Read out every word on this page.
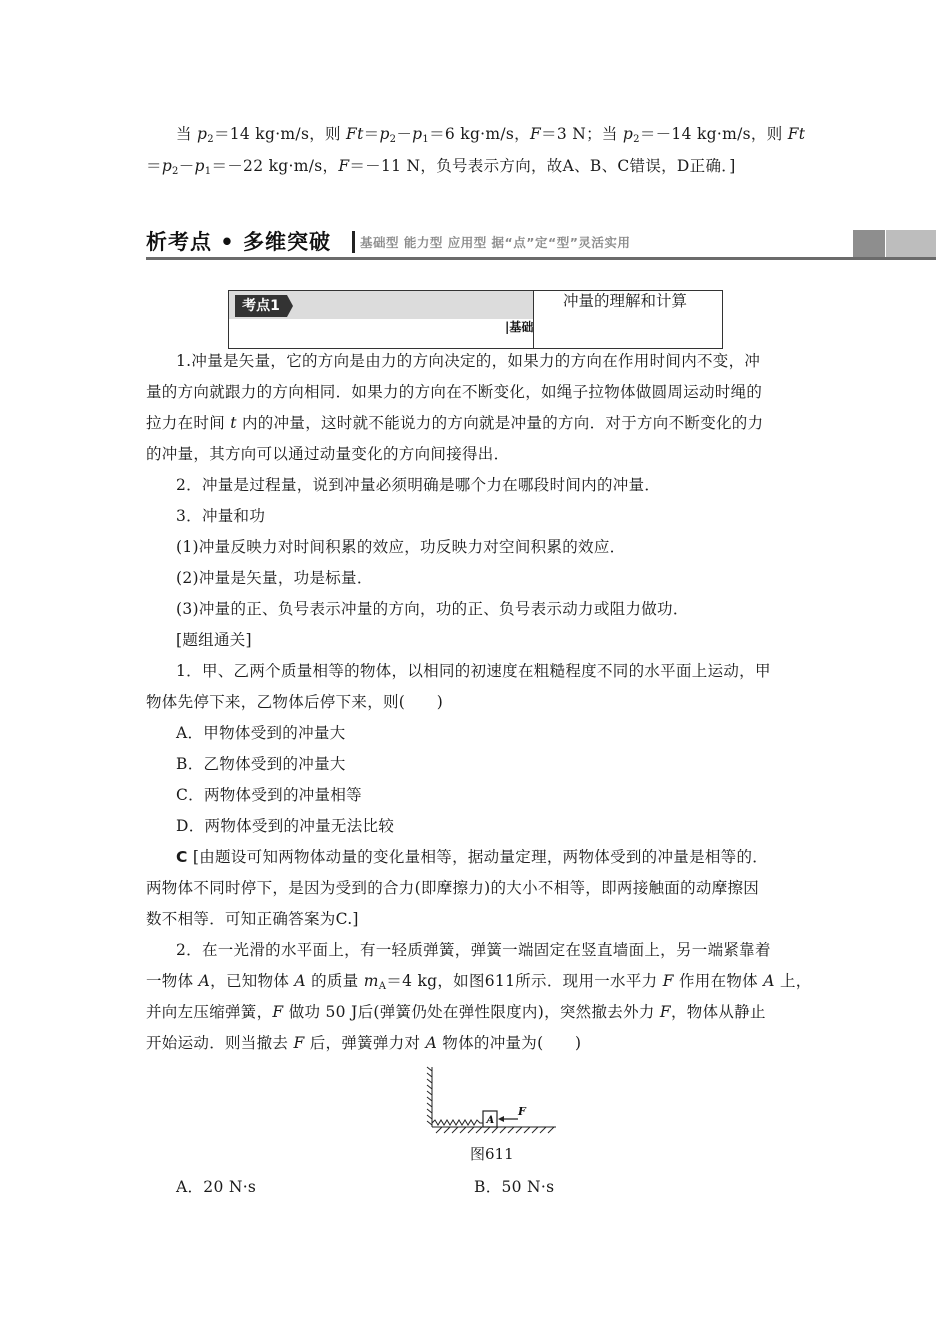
当 $p_2=14$ kg·m/s，则 $Ft=p_2-p_1=6$ kg·m/s，F＝3 N；当 $p_2=-14$ kg·m/s，则 Ft
$=p_2-p_1=-22$ kg·m/s，F＝－11 N，负号表示方向，故A、B、C错误，D正确．]
析考点 • 多维突破 基础型 能力型 应用型 据“点”定“型”灵活实用
考点1
|基础
冲量的理解和计算
1.冲量是矢量，它的方向是由力的方向决定的，如果力的方向在作用时间内不变，冲
量的方向就跟力的方向相同．如果力的方向在不断变化，如绳子拉物体做圆周运动时绳的
拉力在时间 t 内的冲量，这时就不能说力的方向就是冲量的方向．对于方向不断变化的力
的冲量，其方向可以通过动量变化的方向间接得出．
2．冲量是过程量，说到冲量必须明确是哪个力在哪段时间内的冲量．
3．冲量和功
(1)冲量反映力对时间积累的效应，功反映力对空间积累的效应．
(2)冲量是矢量，功是标量．
(3)冲量的正、负号表示冲量的方向，功的正、负号表示动力或阻力做功．
[题组通关]
1．甲、乙两个质量相等的物体，以相同的初速度在粗糙程度不同的水平面上运动，甲
物体先停下来，乙物体后停下来，则(　　)
A．甲物体受到的冲量大
B．乙物体受到的冲量大
C．两物体受到的冲量相等
D．两物体受到的冲量无法比较
C [由题设可知两物体动量的变化量相等，据动量定理，两物体受到的冲量是相等的．
两物体不同时停下，是因为受到的合力(即摩擦力)的大小不相等，即两接触面的动摩擦因
数不相等．可知正确答案为C.]
2．在一光滑的水平面上，有一轻质弹簧，弹簧一端固定在竖直墙面上，另一端紧靠着
一物体 A，已知物体 A 的质量 $m_A=4$ kg，如图611所示．现用一水平力 F 作用在物体 A 上，
并向左压缩弹簧，F 做功 50 J后(弹簧仍处在弹性限度内)，突然撤去外力 F，物体从静止
开始运动．则当撤去 F 后，弹簧弹力对 A 物体的冲量为(　　)
A
F
图611
A．20 N·s	B．50 N·s
